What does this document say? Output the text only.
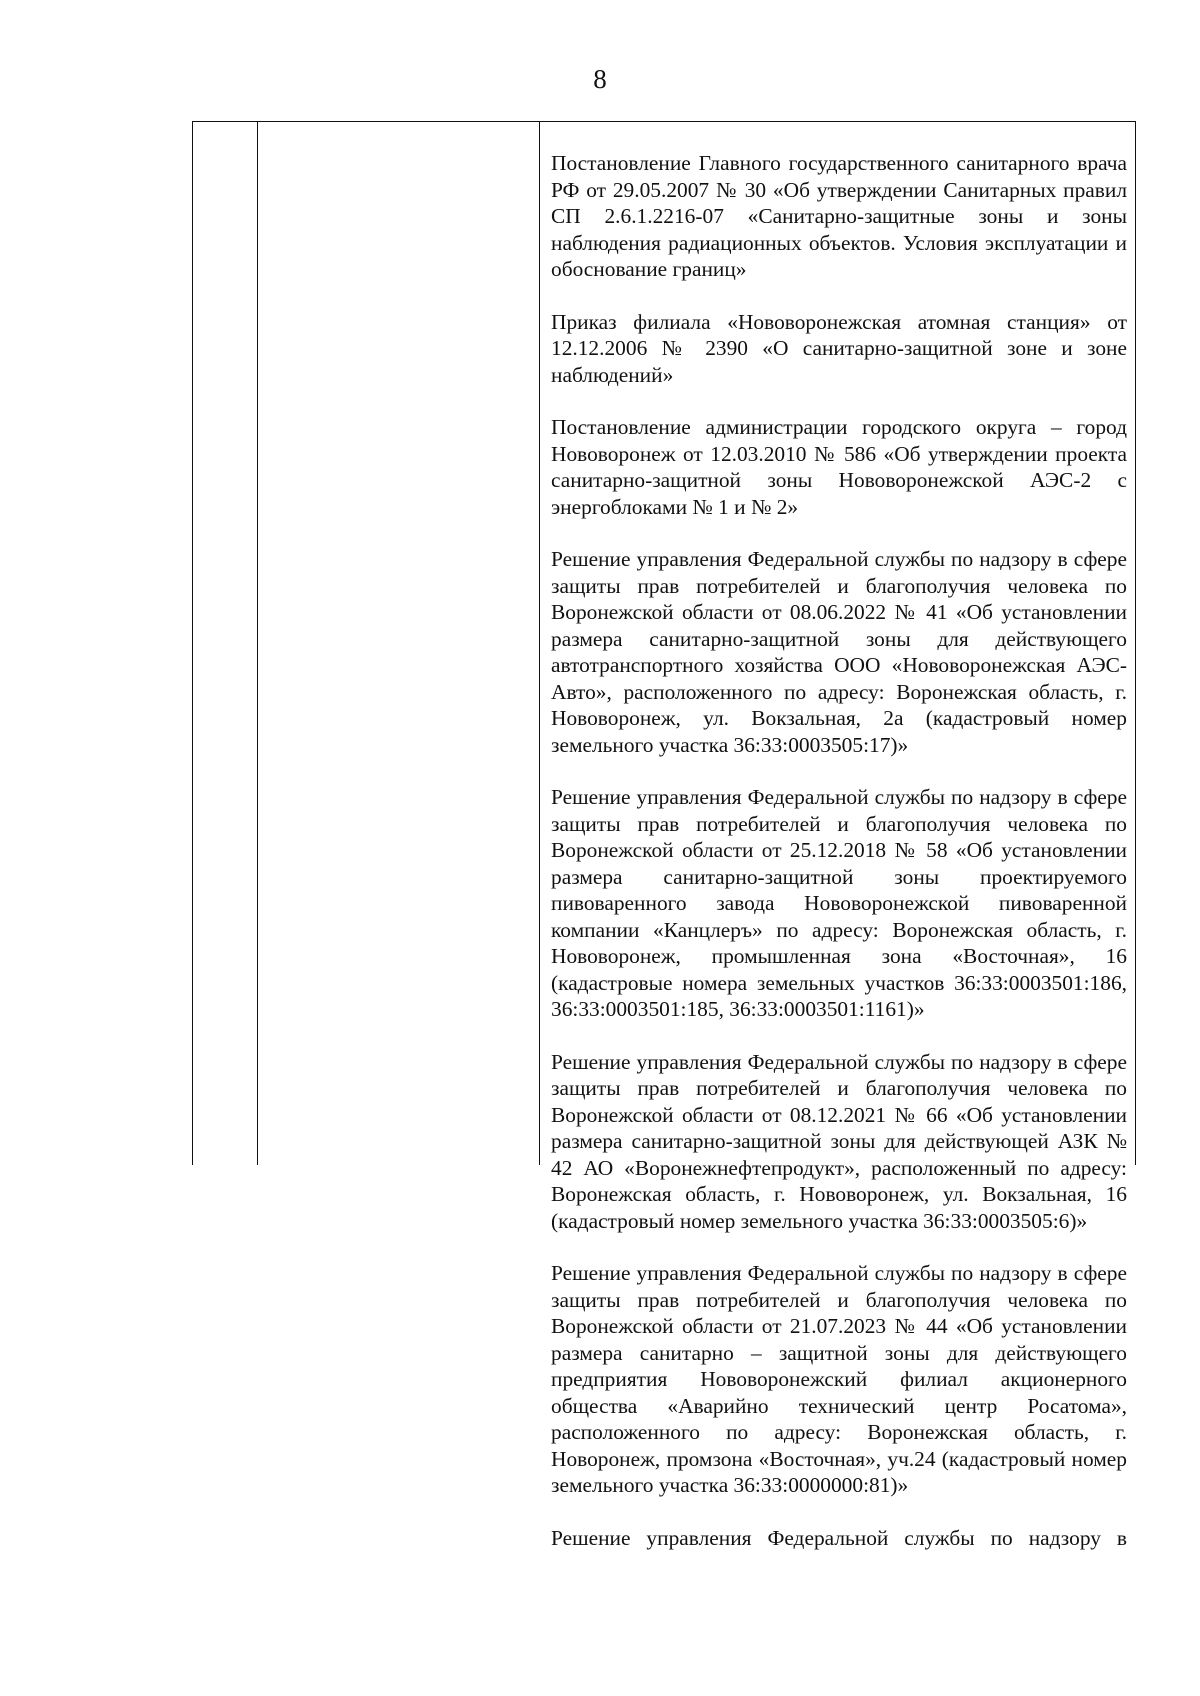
8

Постановление Главного государственного санитарного врача РФ от 29.05.2007 № 30 «Об утверждении Санитарных правил СП 2.6.1.2216-07 «Санитарно-защитные зоны и зоны наблюдения радиационных объектов. Условия эксплуатации и обоснование границ»

Приказ филиала «Нововоронежская атомная станция» от 12.12.2006 № 2390 «О санитарно-защитной зоне и зоне наблюдений»

Постановление администрации городского округа – город Нововоронеж от 12.03.2010 № 586 «Об утверждении проекта санитарно-защитной зоны Нововоронежской АЭС-2 с энергоблоками № 1 и № 2»

Решение управления Федеральной службы по надзору в сфере защиты прав потребителей и благополучия человека по Воронежской области от 08.06.2022 № 41 «Об установлении размера санитарно-защитной зоны для действующего автотранспортного хозяйства ООО «Нововоронежская АЭС-Авто», расположенного по адресу: Воронежская область, г. Нововоронеж, ул. Вокзальная, 2а (кадастровый номер земельного участка 36:33:0003505:17)»

Решение управления Федеральной службы по надзору в сфере защиты прав потребителей и благополучия человека по Воронежской области от 25.12.2018 № 58 «Об установлении размера санитарно-защитной зоны проектируемого пивоваренного завода Нововоронежской пивоваренной компании «Канцлеръ» по адресу: Воронежская область, г. Нововоронеж, промышленная зона «Восточная», 16 (кадастровые номера земельных участков 36:33:0003501:186, 36:33:0003501:185, 36:33:0003501:1161)»

Решение управления Федеральной службы по надзору в сфере защиты прав потребителей и благополучия человека по Воронежской области от 08.12.2021 № 66 «Об установлении размера санитарно-защитной зоны для действующей АЗК № 42 АО «Воронежнефтепродукт», расположенный по адресу: Воронежская область, г. Нововоронеж, ул. Вокзальная, 16 (кадастровый номер земельного участка 36:33:0003505:6)»

Решение управления Федеральной службы по надзору в сфере защиты прав потребителей и благополучия человека по Воронежской области от 21.07.2023 № 44 «Об установлении размера санитарно – защитной зоны для действующего предприятия Нововоронежский филиал акционерного общества «Аварийно технический центр Росатома», расположенного по адресу: Воронежская область, г. Новоронеж, промзона «Восточная», уч.24 (кадастровый номер земельного участка 36:33:0000000:81)»

Решение управления Федеральной службы по надзору в
